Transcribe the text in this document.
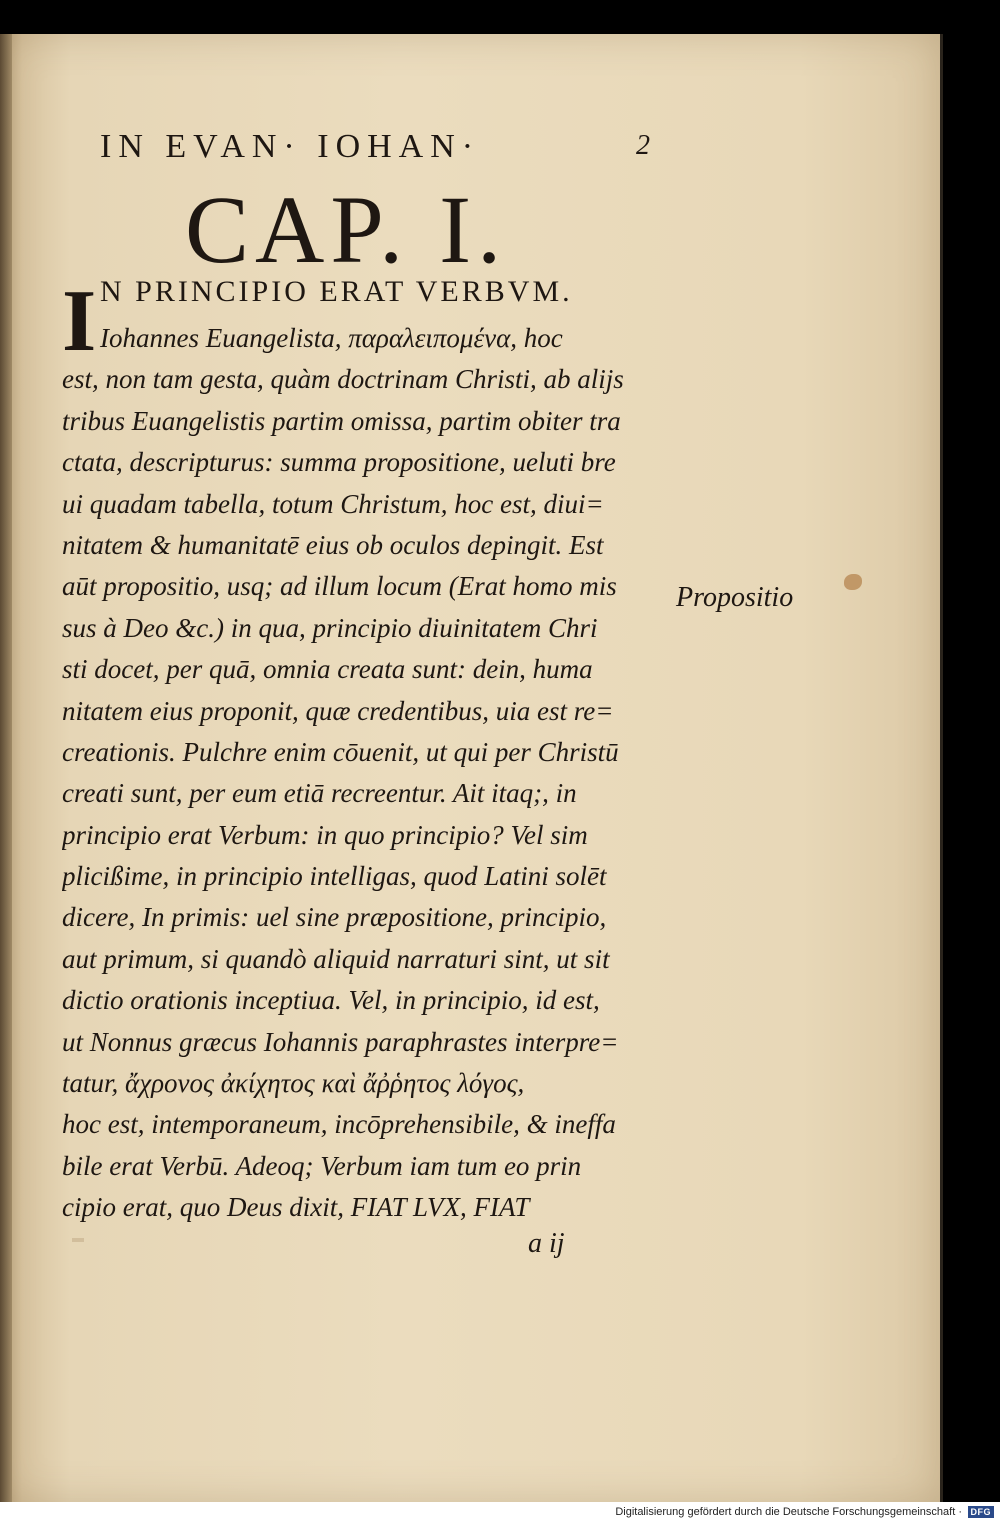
IN EVAN· IOHAN·	2
CAP. I.
I N PRINCIPIO ERAT VERBVM.
Iohannes Euangelista, παραλειπομένα, hoc
est, non tam gesta, quàm doctrinam Christi, ab alijs
tribus Euangelistis partim omissa, partim obiter tra
ctata, descripturus: summa propositione, ueluti bre
ui quadam tabella, totum Christum, hoc est, diui=
nitatem & humanitatē eius ob oculos depingit. Est
aūt propositio, usq; ad illum locum (Erat homo mis
sus à Deo &c.) in qua, principio diuinitatem Chri
sti docet, per quā, omnia creata sunt: dein, huma
nitatem eius proponit, quæ credentibus, uia est re=
creationis. Pulchre enim cōuenit, ut qui per Christū
creati sunt, per eum etiā recreentur. Ait itaq;, in
principio erat Verbum: in quo principio? Vel sim
plicißime, in principio intelligas, quod Latini solēt
dicere, In primis: uel sine præpositione, principio,
aut primum, si quandò aliquid narraturi sint, ut sit
dictio orationis inceptiua. Vel, in principio, id est,
ut Nonnus græcus Iohannis paraphrastes interpre=
tatur, ἄχρονος ἀκίχητος καὶ ἄῤῥητος λόγος,
hoc est, intemporaneum, incōprehensibile, & ineffa
bile erat Verbū. Adeoq; Verbum iam tum eo prin
cipio erat, quo Deus dixit, FIAT LVX, FIAT
Propositio
a ij
Digitalisierung gefördert durch die Deutsche Forschungsgemeinschaft · DFG
